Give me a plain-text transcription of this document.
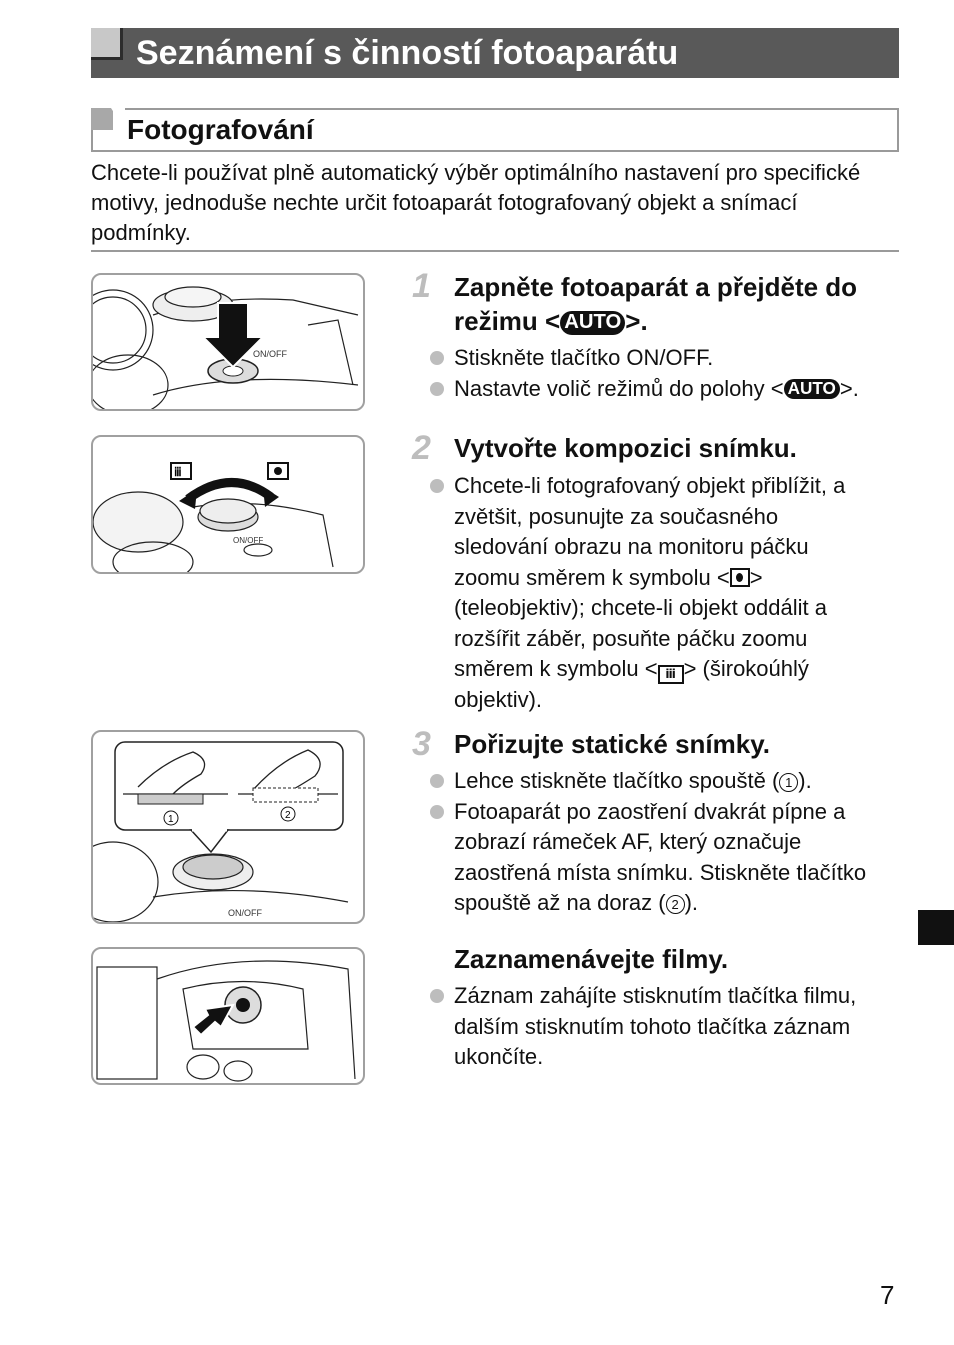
Seznámení s činností fotoaparátu
Fotografování
Chcete-li používat plně automatický výběr optimálního nastavení pro specifické motivy, jednoduše nechte určit fotoaparát fotografovaný objekt a snímací podmínky.
ON/OFF
ⅲ
ON/OFF
1	2
ON/OFF
1 Zapněte fotoaparát a přejděte do režimu < AUTO >.
Stiskněte tlačítko ON/OFF.
Nastavte volič režimů do polohy < AUTO >.
2 Vytvořte kompozici snímku.
Chcete-li fotografovaný objekt přiblížit, a zvětšit, posunujte za současného sledování obrazu na monitoru páčku zoomu směrem k symbolu < > (teleobjektiv); chcete-li objekt oddálit a rozšířit záběr, posuňte páčku zoomu směrem k symbolu < ⅲ > (širokoúhlý objektiv).
3 Pořizujte statické snímky.
Lehce stiskněte tlačítko spouště ( 1 ).
Fotoaparát po zaostření dvakrát pípne a zobrazí rámeček AF, který označuje zaostřená místa snímku. Stiskněte tlačítko spouště až na doraz ( 2 ).
Zaznamenávejte filmy.
Záznam zahájíte stisknutím tlačítka filmu, dalším stisknutím tohoto tlačítka záznam ukončíte.
7
